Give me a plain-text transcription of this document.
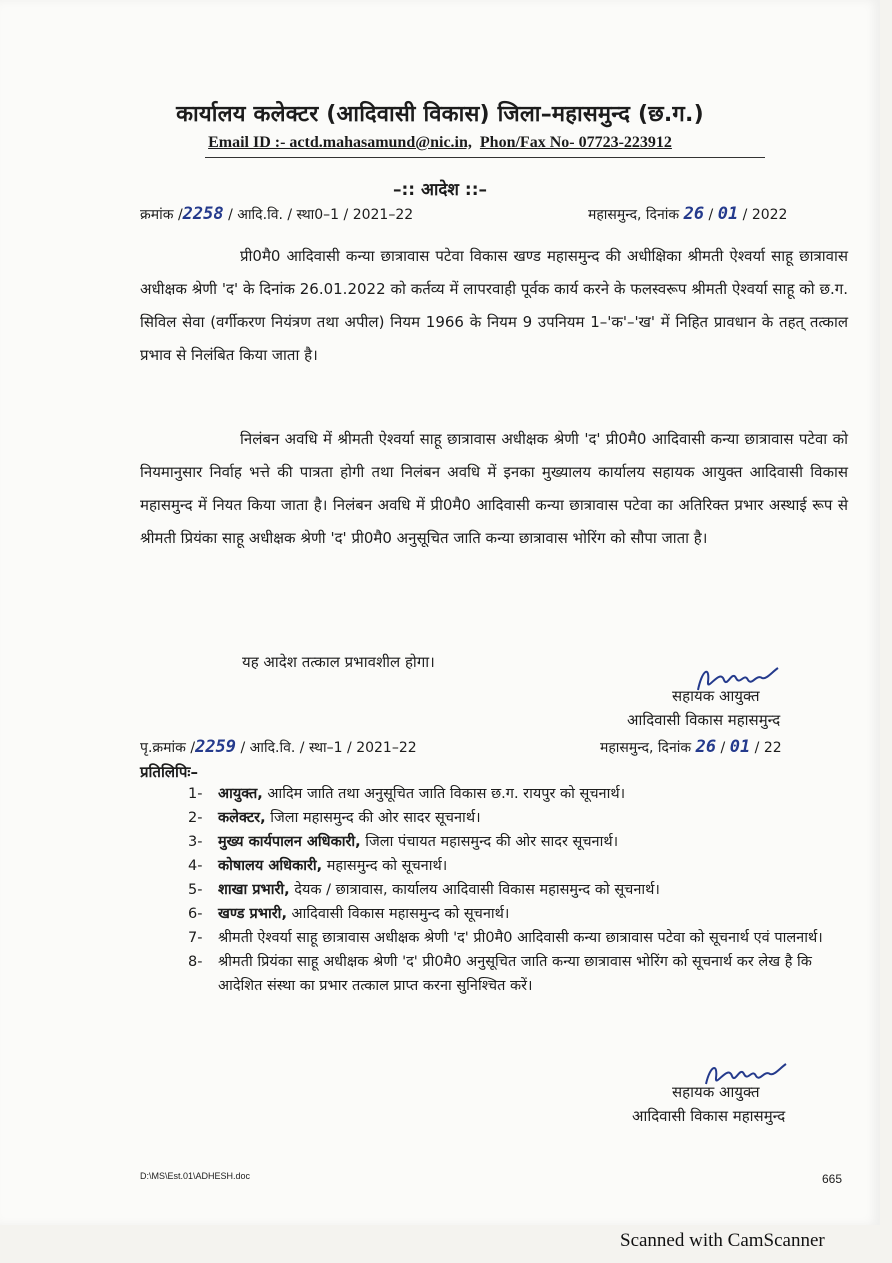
कार्यालय कलेक्टर (आदिवासी विकास) जिला–महासमुन्द (छ.ग.)
Email ID :- actd.mahasamund@nic.in, Phon/Fax No- 07723-223912
–:: आदेश ::–
क्रमांक /2258 / आदि.वि. / स्था0–1 / 2021–22	महासमुन्द, दिनांक 26 / 01 / 2022
प्री0मै0 आदिवासी कन्या छात्रावास पटेवा विकास खण्ड महासमुन्द की अधीक्षिका श्रीमती ऐश्वर्या साहू छात्रावास अधीक्षक श्रेणी 'द' के दिनांक 26.01.2022 को कर्तव्य में लापरवाही पूर्वक कार्य करने के फलस्वरूप श्रीमती ऐश्वर्या साहू को छ.ग. सिविल सेवा (वर्गीकरण नियंत्रण तथा अपील) नियम 1966 के नियम 9 उपनियम 1–'क'–'ख' में निहित प्रावधान के तहत् तत्काल प्रभाव से निलंबित किया जाता है।
निलंबन अवधि में श्रीमती ऐश्वर्या साहू छात्रावास अधीक्षक श्रेणी 'द' प्री0मै0 आदिवासी कन्या छात्रावास पटेवा को नियमानुसार निर्वाह भत्ते की पात्रता होगी तथा निलंबन अवधि में इनका मुख्यालय कार्यालय सहायक आयुक्त आदिवासी विकास महासमुन्द में नियत किया जाता है। निलंबन अवधि में प्री0मै0 आदिवासी कन्या छात्रावास पटेवा का अतिरिक्त प्रभार अस्थाई रूप से श्रीमती प्रियंका साहू अधीक्षक श्रेणी 'द' प्री0मै0 अनुसूचित जाति कन्या छात्रावास भोरिंग को सौपा जाता है।
यह आदेश तत्काल प्रभावशील होगा।
सहायक आयुक्त
आदिवासी विकास महासमुन्द
पृ.क्रमांक /2259 / आदि.वि. / स्था–1 / 2021–22	महासमुन्द, दिनांक 26 / 01 / 22
प्रतिलिपिः–
1-	आयुक्त, आदिम जाति तथा अनुसूचित जाति विकास छ.ग. रायपुर को सूचनार्थ।
2-	कलेक्टर, जिला महासमुन्द की ओर सादर सूचनार्थ।
3-	मुख्य कार्यपालन अधिकारी, जिला पंचायत महासमुन्द की ओर सादर सूचनार्थ।
4-	कोषालय अधिकारी, महासमुन्द को सूचनार्थ।
5-	शाखा प्रभारी, देयक / छात्रावास, कार्यालय आदिवासी विकास महासमुन्द को सूचनार्थ।
6-	खण्ड प्रभारी, आदिवासी विकास महासमुन्द को सूचनार्थ।
7-	श्रीमती ऐश्वर्या साहू छात्रावास अधीक्षक श्रेणी 'द' प्री0मै0 आदिवासी कन्या छात्रावास पटेवा को सूचनार्थ एवं पालनार्थ।
8-	श्रीमती प्रियंका साहू अधीक्षक श्रेणी 'द' प्री0मै0 अनुसूचित जाति कन्या छात्रावास भोरिंग को सूचनार्थ कर लेख है कि आदेशित संस्था का प्रभार तत्काल प्राप्त करना सुनिश्चित करें।
सहायक आयुक्त
आदिवासी विकास महासमुन्द
D:\MS\Est.01\ADHESH.doc	665
Scanned with CamScanner
